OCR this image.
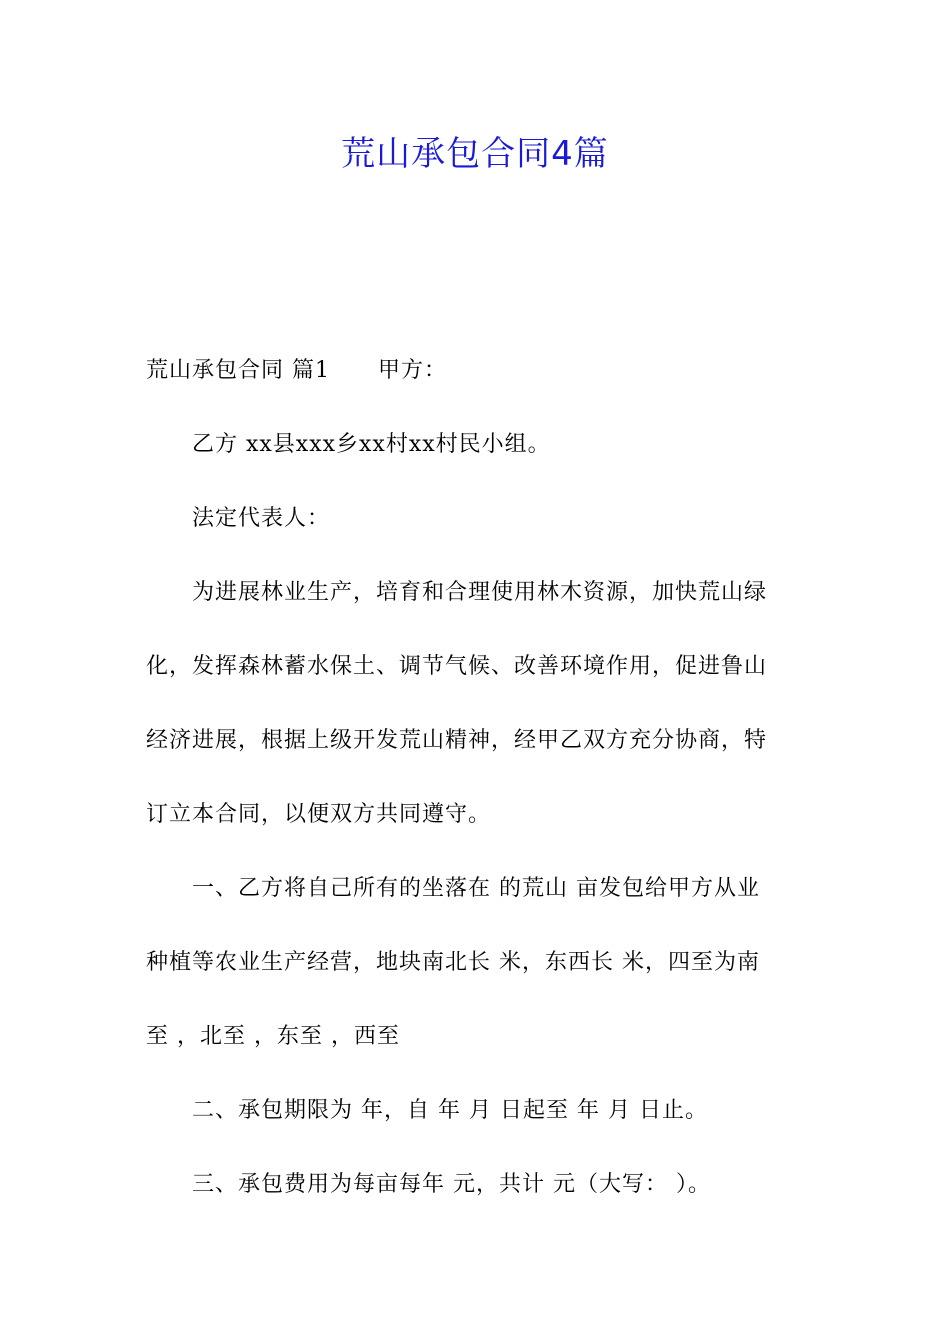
荒山承包合同4篇

荒山承包合同 篇1 甲方：

乙方 xx县xxx乡xx村xx村民小组。

法定代表人：

为进展林业生产，培育和合理使用林木资源，加快荒山绿

化，发挥森林蓄水保土、调节气候、改善环境作用，促进鲁山

经济进展，根据上级开发荒山精神，经甲乙双方充分协商，特

订立本合同，以便双方共同遵守。

一、乙方将自己所有的坐落在 的荒山 亩发包给甲方从业

种植等农业生产经营，地块南北长 米，东西长 米，四至为南

至 ，北至 ，东至 ，西至

二、承包期限为 年，自 年 月 日起至 年 月 日止。

三、承包费用为每亩每年 元，共计 元（大写： ）。
